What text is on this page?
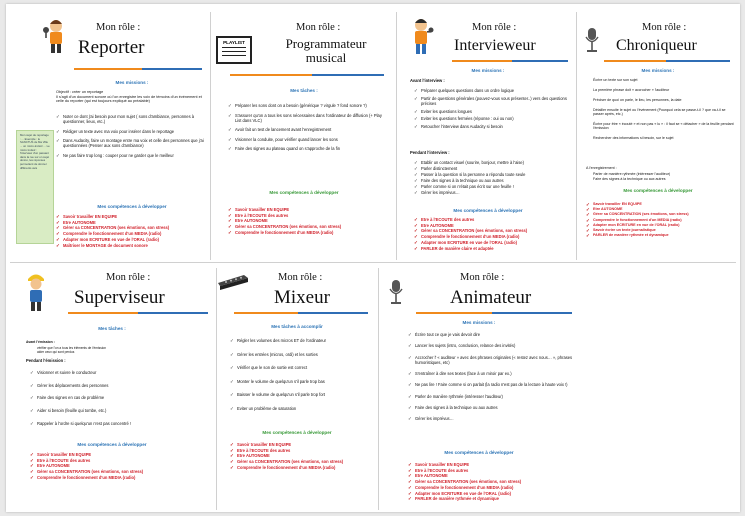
Mon rôle :
Reporter
Mes missions :
Objectif : créer un reportage
Il s'agit d'un document sonore où l'on enregistre les voix de témoins d'un événement et celle du reporter (qui est toujours expliqué au préalable)
✓ Noter ce dont j'ai besoin pour mon sujet ( sons d'ambiance, personnes à questionner, lieux, etc.)
✓ Rédiger un texte avec ma voix pour insérer dans le reportage
✓ Dans Audacity, faire un montage entre ma voix et celle des personnes que j'ai questionnées (Penser aux sons d'ambiance)
✓ Ne pas faire trop long : couper pour ne garder que le meilleur
Mon sujet de reportage : ... Exemple : le SANCTUS de Ma Ville ... un micro-trottoir ... Le micro trottoir : l'interview d'un passant dans la rue sur un sujet donné, les réponses permettent de donner différents avis
Mes compétences à développer
✓ Savoir travailler EN EQUIPE
✓ Etre AUTONOME
✓ Gérer sa CONCENTRATION (ses émotions, son stress)
✓ Comprendre le fonctionnement d'un MEDIA (radio)
✓ Adapter mon ECRITURE en vue de l'ORAL (radio)
✓ Maîtriser le MONTAGE de document sonore
PLAYLIST
Mon rôle :
Programmateur musical
Mes tâches :
✓ Préparer les sons dont on a besoin (générique ? virgule ? fond sonore ?)
✓ S'assurer qu'on a tous les sons nécessaires dans l'ordinateur de diffusion (+ Play List dans VLC)
✓ Avoir fait un test de lancement avant l'enregistrement
✓ Visionner la conduite, pour vérifier quand lancer les sons
✓ Faire des signes au plateau quand on s'approche de la fin
Mes compétences à développer
✓ Savoir travailler EN EQUIPE
✓ Etre à l'ECOUTE des autres
✓ Etre AUTONOME
✓ Gérer sa CONCENTRATION (ses émotions, son stress)
✓ Comprendre le fonctionnement d'un MEDIA (radio)
Mon rôle :
Intervieweur
Mes missions :
Avant l'interview :
✓ Préparer quelques questions dans un ordre logique
✓ Partir de questions générales (pouvez-vous vous présenter..) vers des questions précises
✓ Eviter les questions longues
✓ Eviter les questions fermées (réponse : oui ou non)
✓ Retoucher l'interview dans Audacity si besoin
Pendant l'interview :
✓ Etablir un contact visuel (sourire, bonjour, mettre à l'aise)
✓ Parler distinctement
✓ Passer à la question si la personne a répondu toute seule
✓ Faire des signes à la technique ou aux autres
✓ Parler comme si on n'était pas écrit sur une feuille !
✓ Gérer les imprévus…
Mes compétences à développer
✓ Etre à l'ECOUTE des autres
✓ Etre AUTONOME
✓ Gérer sa CONCENTRATION (ses émotions, son stress)
✓ Comprendre le fonctionnement d'un MEDIA (radio)
✓ Adapter mon ECRITURE en vue de l'ORAL (radio)
✓ PARLER de manière claire et adaptée
Mon rôle :
Chroniqueur
Mes missions :
Écrire un texte sur son sujet
La première phrase doit « accrocher » l'auditeur
Préciser de quoi on parle, le lieu, les personnes, la date
Détailler ensuite le sujet ou l'événement (Pourquoi cela se passe-t-il ? que va-t-il se passer après, etc.)
Écrire pour être « écouté » et non pas « lu » : il faut se « détacher » de la feuille pendant l'émission
Rechercher des informations si besoin, sur le sujet
A l'enregistrement :
Parler de manière rythmée (intéresser l'auditeur)
Faire des signes à la technique ou aux autres
Mes compétences à développer
✓ Savoir travailler EN EQUIPE
✓ Etre AUTONOME
✓ Gérer sa CONCENTRATION (ses émotions, son stress)
✓ Comprendre le fonctionnement d'un MEDIA (radio)
✓ Adapter mon ECRITURE en vue de l'ORAL (radio)
✓ Savoir écrire un texte journalistique
✓ PARLER de manière rythmée et dynamique
Mon rôle :
Superviseur
Mes tâches :
Avant l'émission :
vérifier que l'on a tous les éléments de l'émission
aider ceux qui sont perdus
Pendant l'émission :
✓ Visionner et suivre le conducteur
✓ Gérer les déplacements des personnes
✓ Faire des signes en cas de problème
✓ Aider si besoin (feuille qui tombe, etc.)
✓ Rappeler à l'ordre si quelqu'un n'est pas concentré !
Mes compétences à développer
✓ Savoir travailler EN EQUIPE
✓ Etre à l'ECOUTE des autres
✓ Etre AUTONOME
✓ Gérer sa CONCENTRATION (ses émotions, son stress)
✓ Comprendre le fonctionnement d'un MEDIA (radio)
Mon rôle :
Mixeur
Mes tâches à accomplir
✓ Régler les volumes des micros ET de l'ordinateur
✓ Gérer les entrées (micros, ordi) et les sorties
✓ Vérifier que le son de sortie est correct
✓ Monter le volume de quelqu'un s'il parle trop bas
✓ Baisser le volume de quelqu'un s'il parle trop fort
✓ Eviter un problème de saturation
Mes compétences à développer
✓ Savoir travailler EN EQUIPE
✓ Etre à l'ECOUTE des autres
✓ Etre AUTONOME
✓ Gérer sa CONCENTRATION (ses émotions, son stress)
✓ Comprendre le fonctionnement d'un MEDIA (radio)
Mon rôle :
Animateur
Mes missions :
✓ Écrire tout ce que je vais devoir dire
✓ Lancer les sujets (intro, conclusion, relance des invités)
✓ Accrocher l' « auditeur » avec des phrases originales (« restez avec nous… », phrases humoristiques, etc)
✓ S'entraîner à dire ses textes (face à un miroir par ex.)
✓ Ne pas lire ! Faire comme si on parlait (la radio n'est pas de la lecture à haute voix !)
✓ Parler de manière rythmée (intéresser l'auditeur)
✓ Faire des signes à la technique ou aux autres
✓ Gérer les imprévus…
Mes compétences à développer
✓ Savoir travailler EN EQUIPE
✓ Etre à l'ECOUTE des autres
✓ Etre AUTONOME
✓ Gérer sa CONCENTRATION (ses émotions, son stress)
✓ Comprendre le fonctionnement d'un MEDIA (radio)
✓ Adapter mon ECRITURE en vue de l'ORAL (radio)
✓ PARLER de manière rythmée et dynamique
